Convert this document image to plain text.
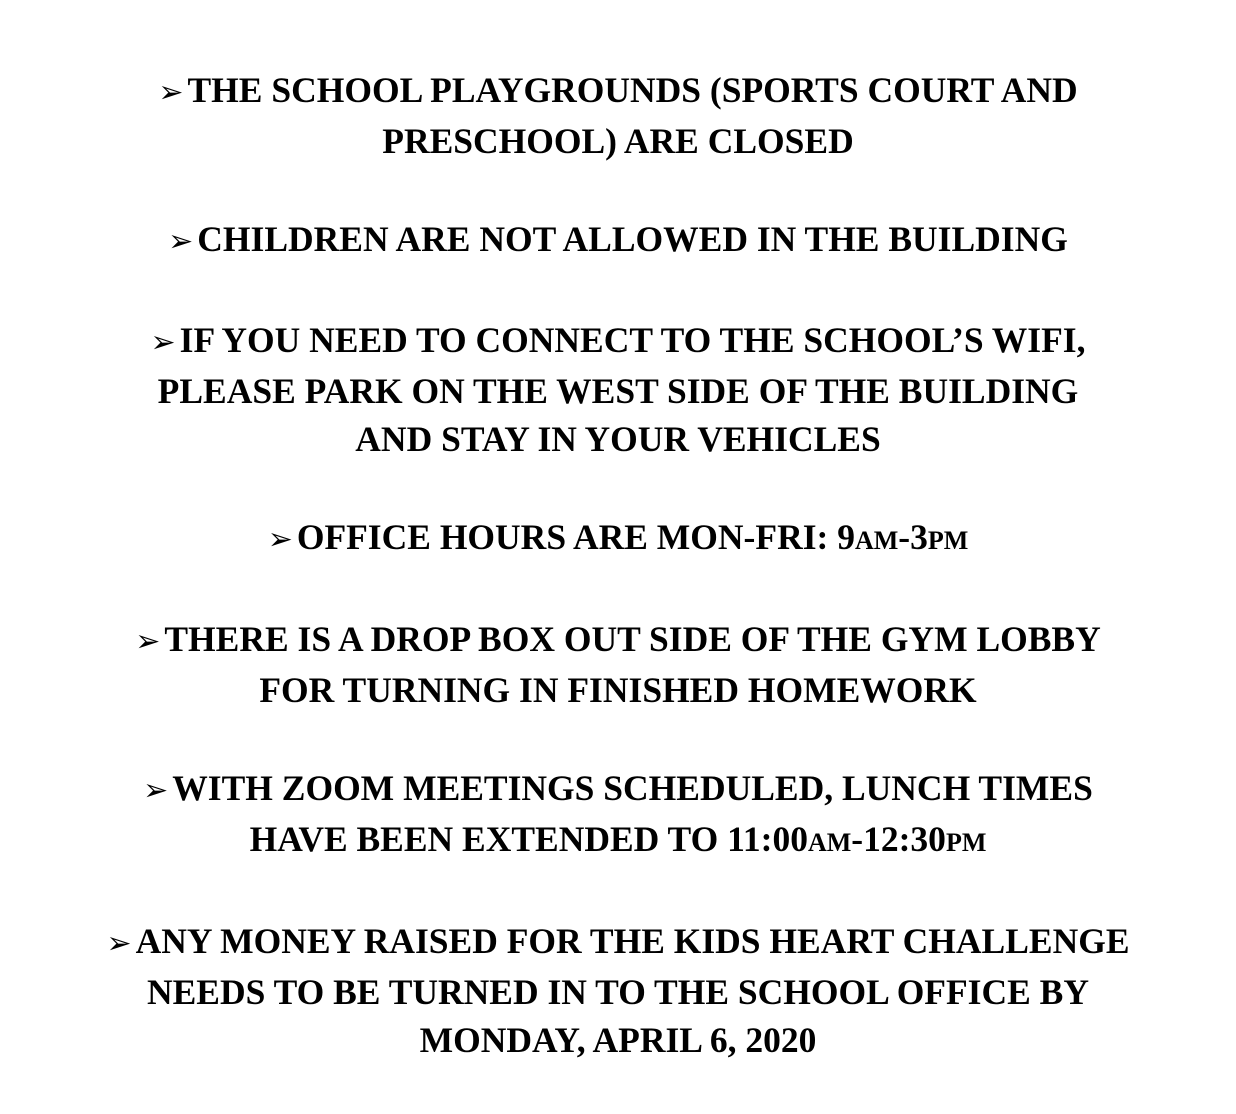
➢ THE SCHOOL PLAYGROUNDS (SPORTS COURT AND
PRESCHOOL) ARE CLOSED
➢ CHILDREN ARE NOT ALLOWED IN THE BUILDING
➢ IF YOU NEED TO CONNECT TO THE SCHOOL’S WIFI,
PLEASE PARK ON THE WEST SIDE OF THE BUILDING
AND STAY IN YOUR VEHICLES
➢ OFFICE HOURS ARE MON-FRI: 9AM-3PM
➢ THERE IS A DROP BOX OUT SIDE OF THE GYM LOBBY
FOR TURNING IN FINISHED HOMEWORK
➢ WITH ZOOM MEETINGS SCHEDULED, LUNCH TIMES
HAVE BEEN EXTENDED TO 11:00AM-12:30PM
➢ ANY MONEY RAISED FOR THE KIDS HEART CHALLENGE
NEEDS TO BE TURNED IN TO THE SCHOOL OFFICE BY
MONDAY, APRIL 6, 2020
